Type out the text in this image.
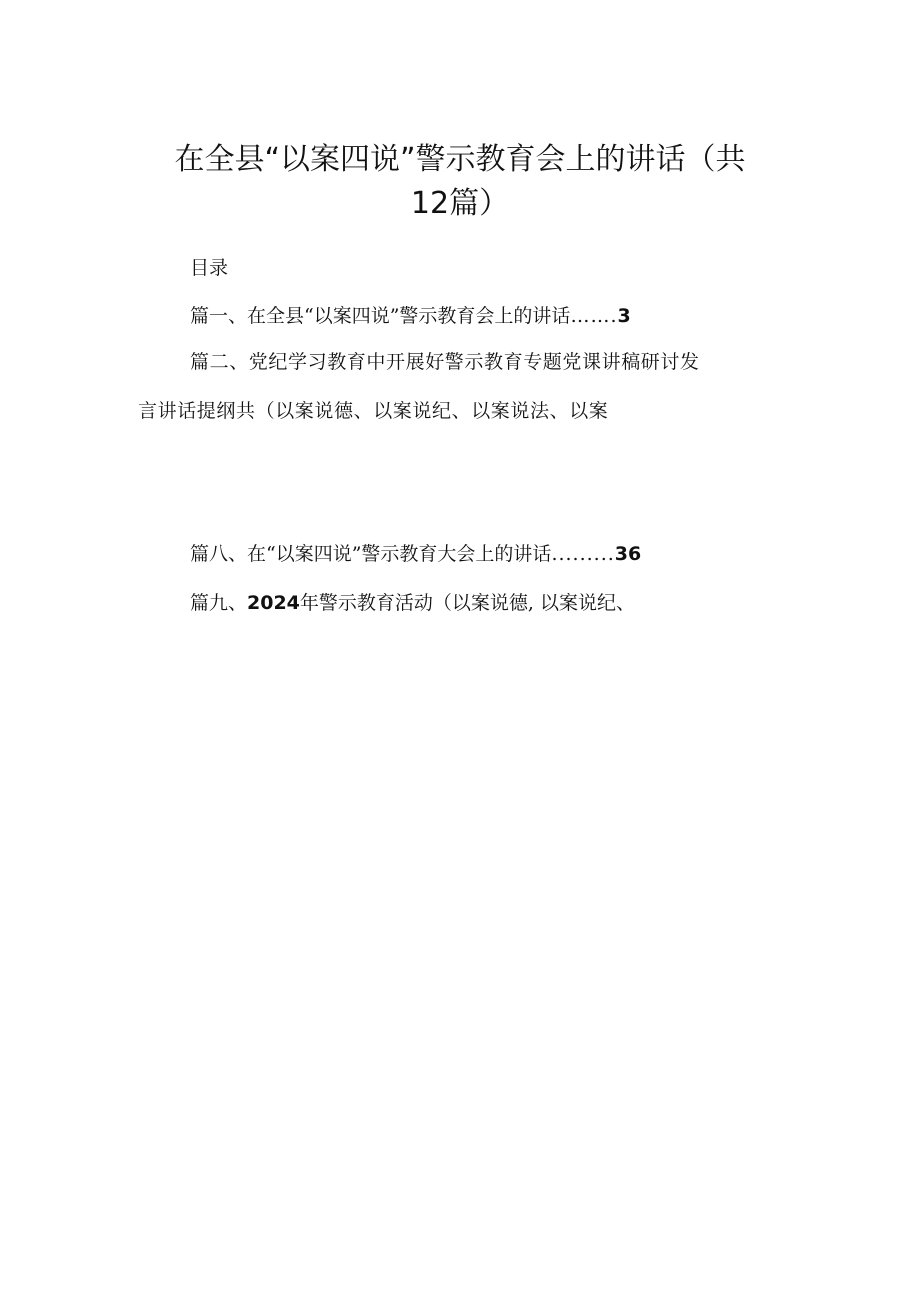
在全县“以案四说”警示教育会上的讲话（共
12篇）
目录
篇一、在全县“以案四说”警示教育会上的讲话…….3
篇二、党纪学习教育中开展好警示教育专题党课讲稿研讨发
言讲话提纲共（以案说德、以案说纪、以案说法、以案
篇八、在“以案四说”警示教育大会上的讲话.........36
篇九、2024年警示教育活动（以案说德, 以案说纪、
